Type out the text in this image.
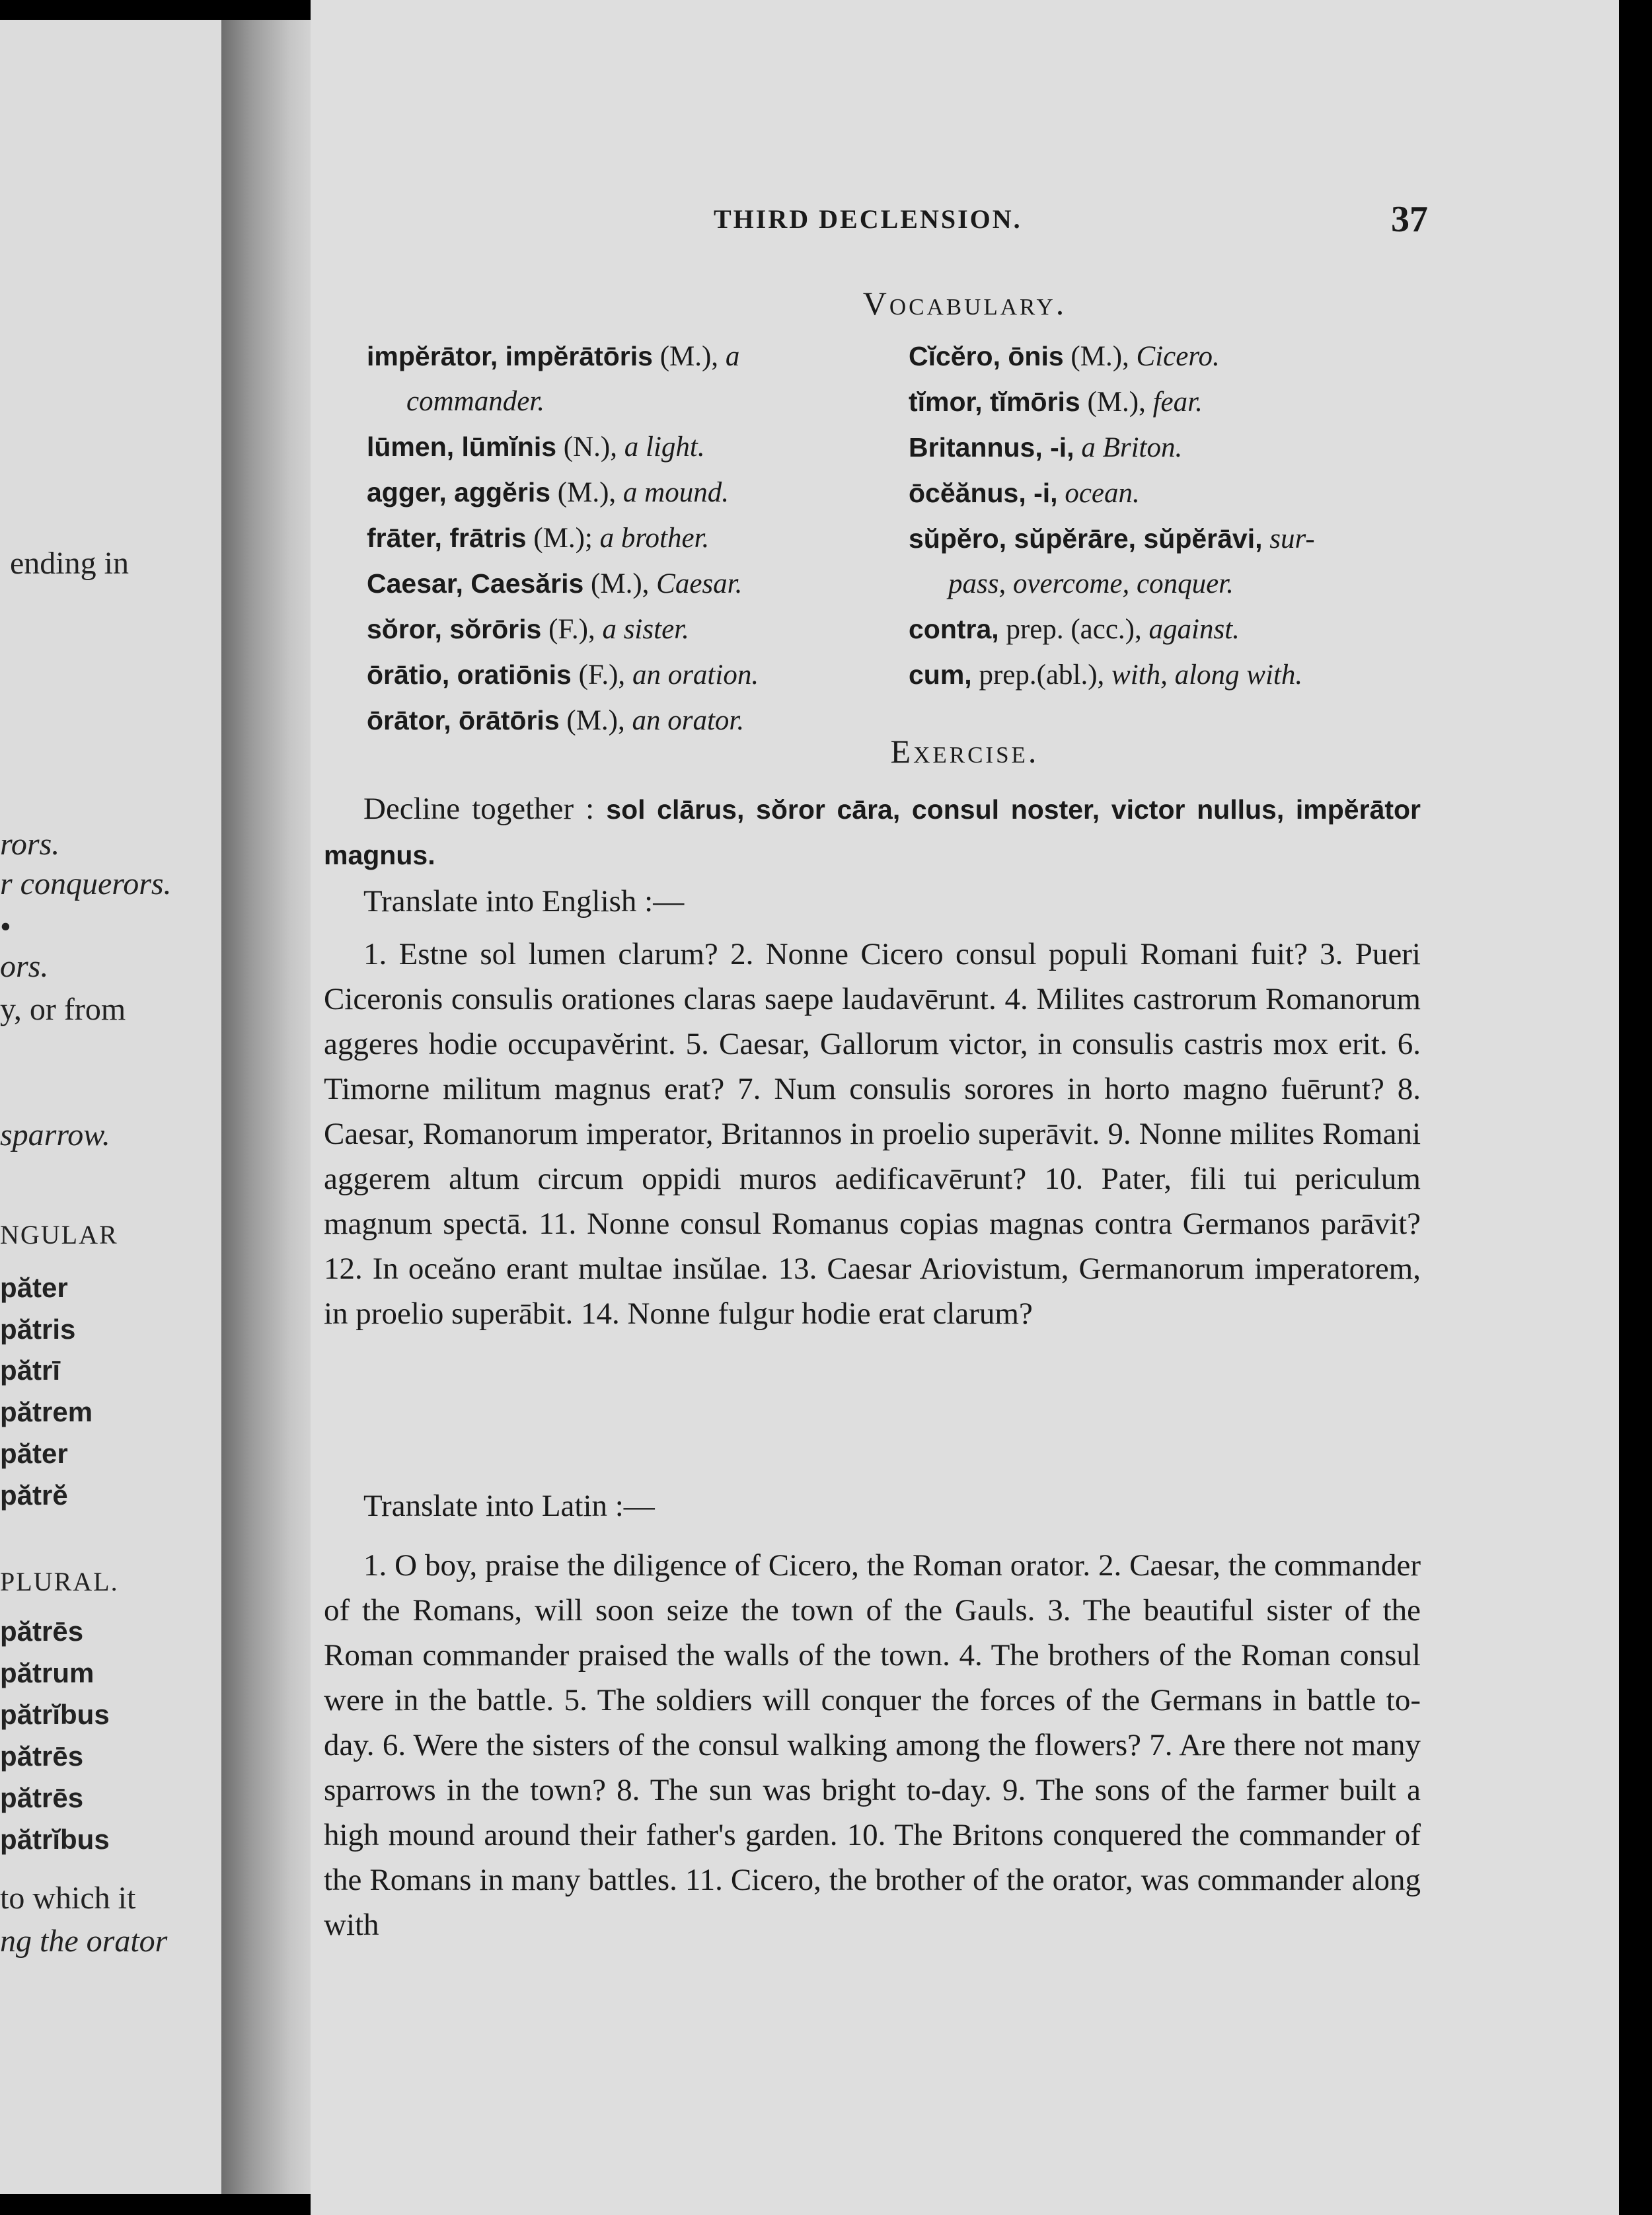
ending in
rors.
r conquerors.
•
ors.
y, or from
sparrow.
NGULAR
păter
pătris
pătrī
pătrem
păter
pătrĕ
PLURAL.
pătrēs
pătrum
pătrĭbus
pătrēs
pătrēs
pătrĭbus
to which it
ng the orator
THIRD DECLENSION.	37
Vocabulary.
impĕrātor, impĕrātōris (M.), a
commander.
lūmen, lūmĭnis (N.), a light.
agger, aggĕris (M.), a mound.
frāter, frātris (M.); a brother.
Caesar, Caesăris (M.), Caesar.
sŏror, sŏrōris (F.), a sister.
ōrātio, oratiōnis (F.), an oration.
ōrātor, ōrātōris (M.), an orator.
Cĭcĕro, ōnis (M.), Cicero.
tĭmor, tĭmōris (M.), fear.
Britannus, -i, a Briton.
ōcĕănus, -i, ocean.
sŭpĕro, sŭpĕrāre, sŭpĕrāvi, sur-
pass, overcome, conquer.
contra, prep. (acc.), against.
cum, prep.(abl.), with, along with.
Exercise.

Decline together : sol clārus, sŏror cāra, consul noster, victor nullus, impĕrātor magnus.

Translate into English :—

1. Estne sol lumen clarum? 2. Nonne Cicero consul populi Romani fuit? 3. Pueri Ciceronis consulis orationes claras saepe laudavērunt. 4. Milites castrorum Romanorum aggeres hodie occupavĕrint. 5. Caesar, Gallorum victor, in consulis castris mox erit. 6. Timorne militum magnus erat? 7. Num consulis sorores in horto magno fuērunt? 8. Caesar, Romanorum imperator, Britannos in proelio superāvit. 9. Nonne milites Romani aggerem altum circum oppidi muros aedificavērunt? 10. Pater, fili tui periculum magnum spectā. 11. Nonne consul Romanus copias magnas contra Germanos parāvit? 12. In oceăno erant multae insŭlae. 13. Caesar Ariovistum, Germanorum imperatorem, in proelio superābit. 14. Nonne fulgur hodie erat clarum?

Translate into Latin :—

1. O boy, praise the diligence of Cicero, the Roman orator. 2. Caesar, the commander of the Romans, will soon seize the town of the Gauls. 3. The beautiful sister of the Roman commander praised the walls of the town. 4. The brothers of the Roman consul were in the battle. 5. The soldiers will conquer the forces of the Germans in battle to-day. 6. Were the sisters of the consul walking among the flowers? 7. Are there not many sparrows in the town? 8. The sun was bright to-day. 9. The sons of the farmer built a high mound around their father's garden. 10. The Britons conquered the commander of the Romans in many battles. 11. Cicero, the brother of the orator, was commander along with
